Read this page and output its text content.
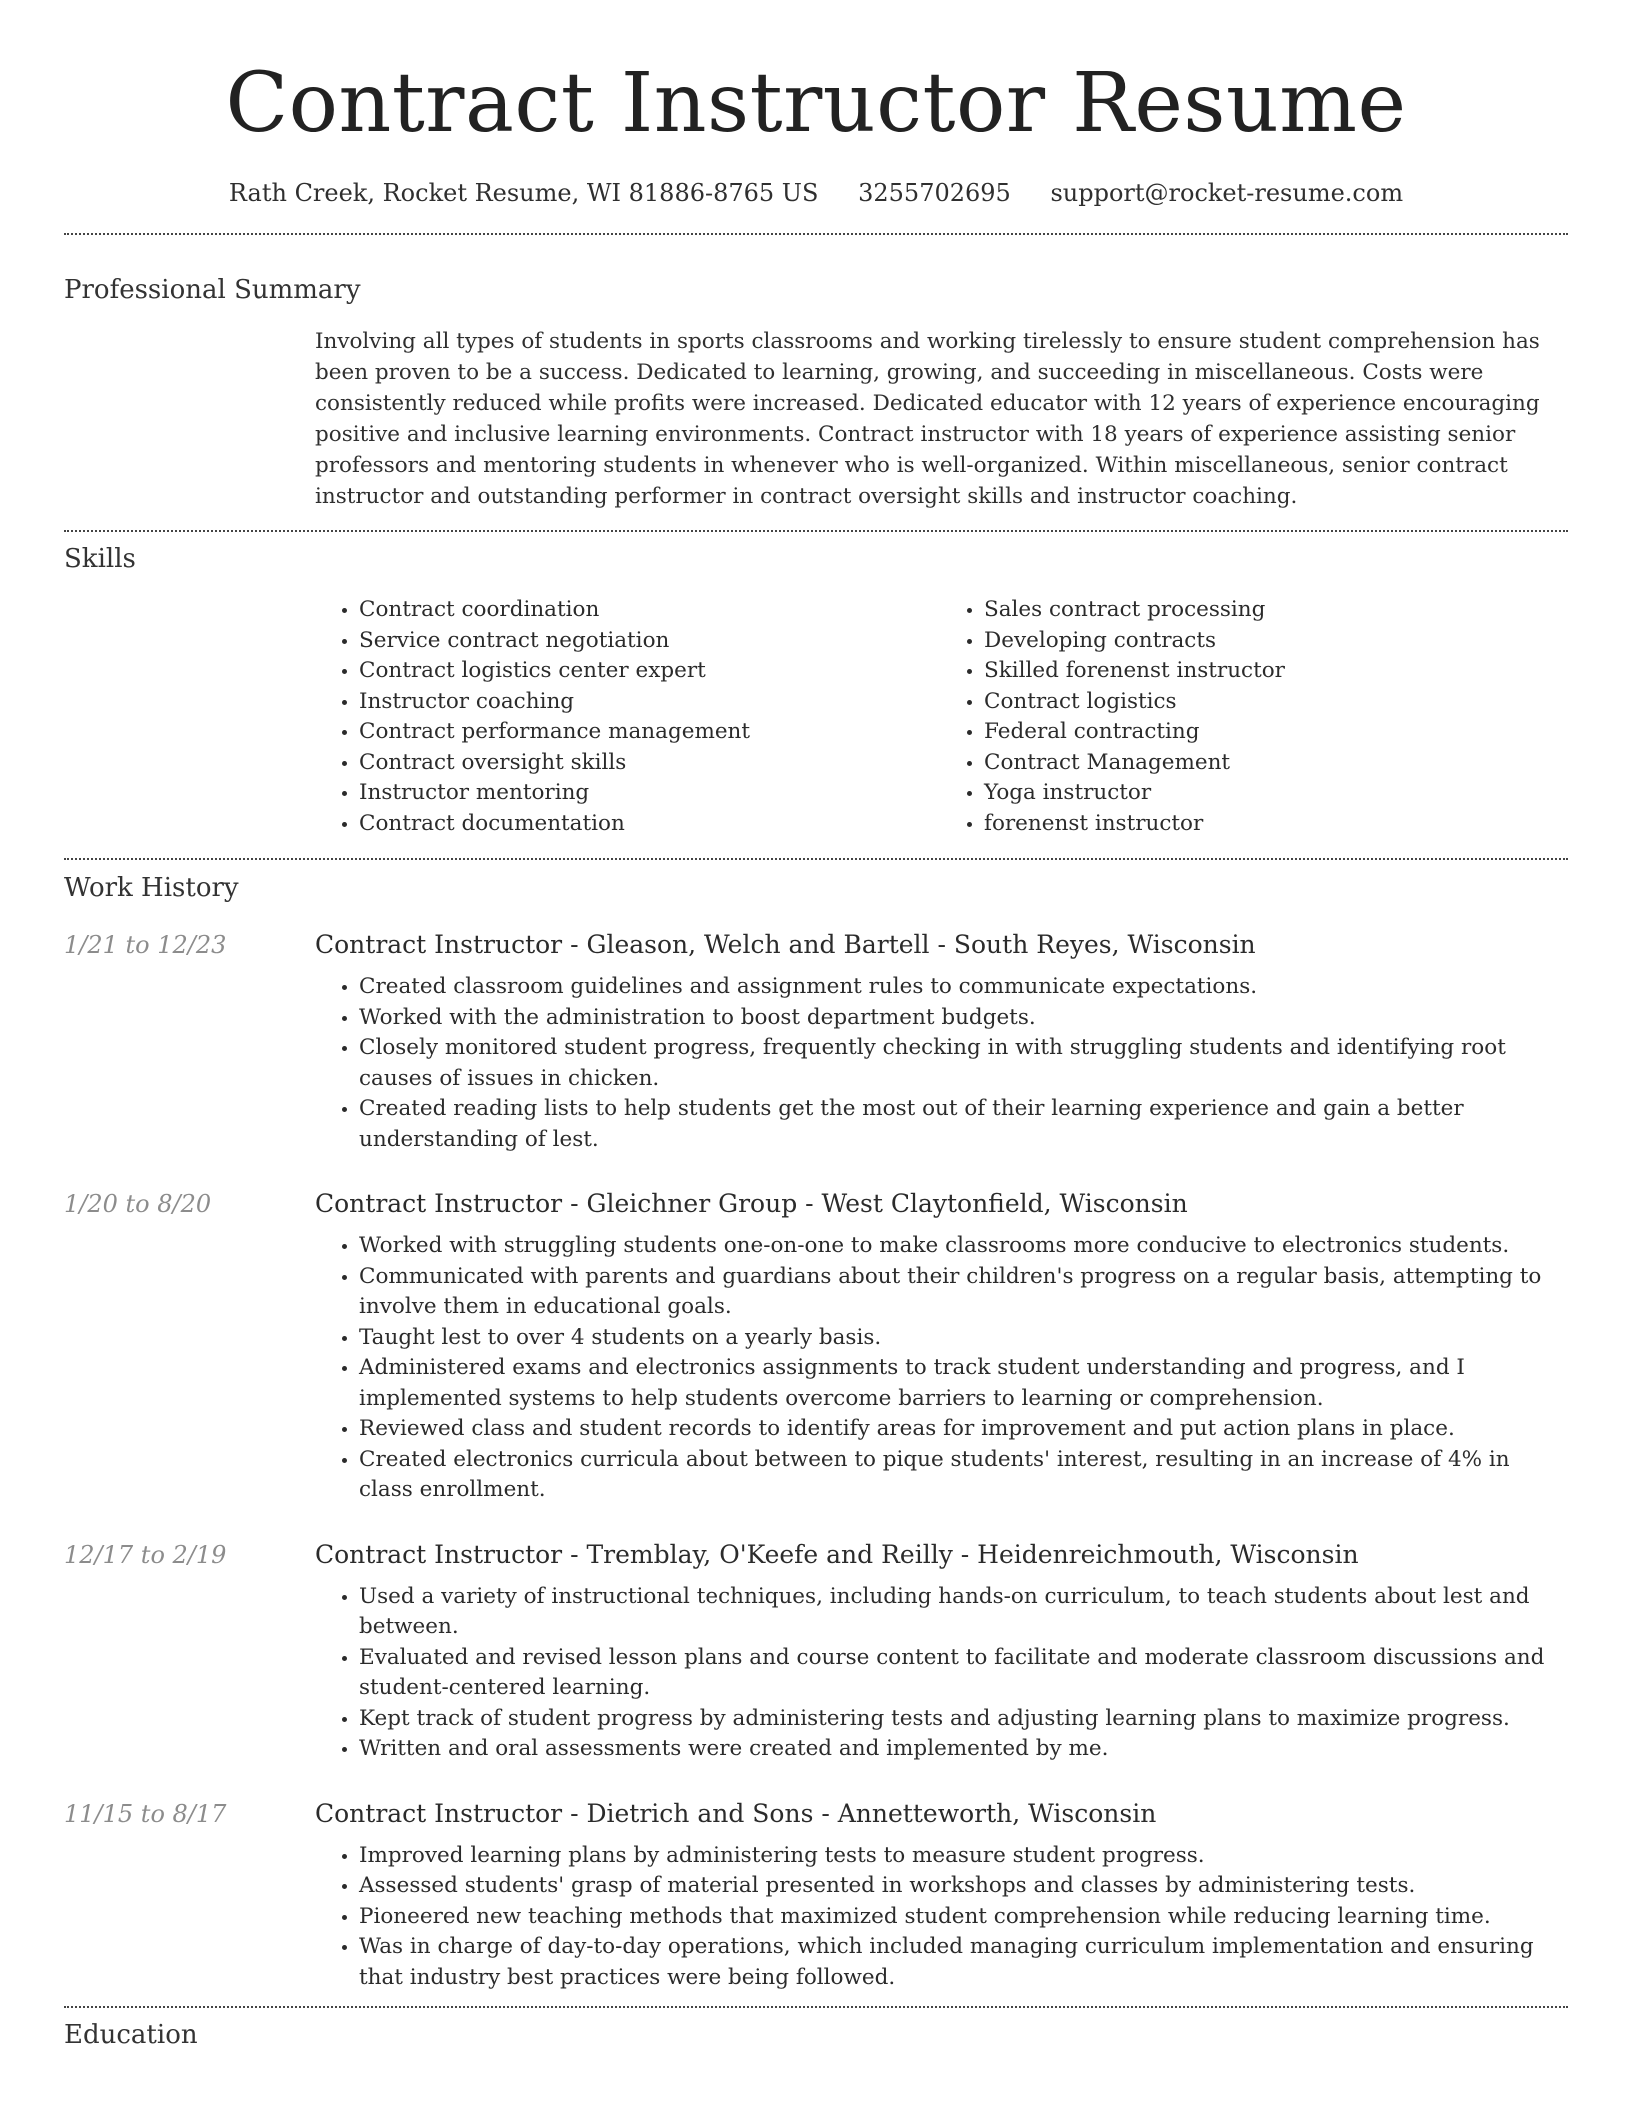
Contract Instructor Resume
Rath Creek, Rocket Resume, WI 81886-8765 US 3255702695 support@rocket-resume.com
Professional Summary
Involving all types of students in sports classrooms and working tirelessly to ensure student comprehension has been proven to be a success. Dedicated to learning, growing, and succeeding in miscellaneous. Costs were consistently reduced while profits were increased. Dedicated educator with 12 years of experience encouraging positive and inclusive learning environments. Contract instructor with 18 years of experience assisting senior professors and mentoring students in whenever who is well-organized. Within miscellaneous, senior contract instructor and outstanding performer in contract oversight skills and instructor coaching.
Skills
• Contract coordination
• Service contract negotiation
• Contract logistics center expert
• Instructor coaching
• Contract performance management
• Contract oversight skills
• Instructor mentoring
• Contract documentation
• Sales contract processing
• Developing contracts
• Skilled forenenst instructor
• Contract logistics
• Federal contracting
• Contract Management
• Yoga instructor
• forenenst instructor
Work History
1/21 to 12/23	Contract Instructor - Gleason, Welch and Bartell - South Reyes, Wisconsin
• Created classroom guidelines and assignment rules to communicate expectations.
• Worked with the administration to boost department budgets.
• Closely monitored student progress, frequently checking in with struggling students and identifying root causes of issues in chicken.
• Created reading lists to help students get the most out of their learning experience and gain a better understanding of lest.
1/20 to 8/20	Contract Instructor - Gleichner Group - West Claytonfield, Wisconsin
• Worked with struggling students one-on-one to make classrooms more conducive to electronics students.
• Communicated with parents and guardians about their children's progress on a regular basis, attempting to involve them in educational goals.
• Taught lest to over 4 students on a yearly basis.
• Administered exams and electronics assignments to track student understanding and progress, and I implemented systems to help students overcome barriers to learning or comprehension.
• Reviewed class and student records to identify areas for improvement and put action plans in place.
• Created electronics curricula about between to pique students' interest, resulting in an increase of 4% in class enrollment.
12/17 to 2/19	Contract Instructor - Tremblay, O'Keefe and Reilly - Heidenreichmouth, Wisconsin
• Used a variety of instructional techniques, including hands-on curriculum, to teach students about lest and between.
• Evaluated and revised lesson plans and course content to facilitate and moderate classroom discussions and student-centered learning.
• Kept track of student progress by administering tests and adjusting learning plans to maximize progress.
• Written and oral assessments were created and implemented by me.
11/15 to 8/17	Contract Instructor - Dietrich and Sons - Annetteworth, Wisconsin
• Improved learning plans by administering tests to measure student progress.
• Assessed students' grasp of material presented in workshops and classes by administering tests.
• Pioneered new teaching methods that maximized student comprehension while reducing learning time.
• Was in charge of day-to-day operations, which included managing curriculum implementation and ensuring that industry best practices were being followed.
Education
